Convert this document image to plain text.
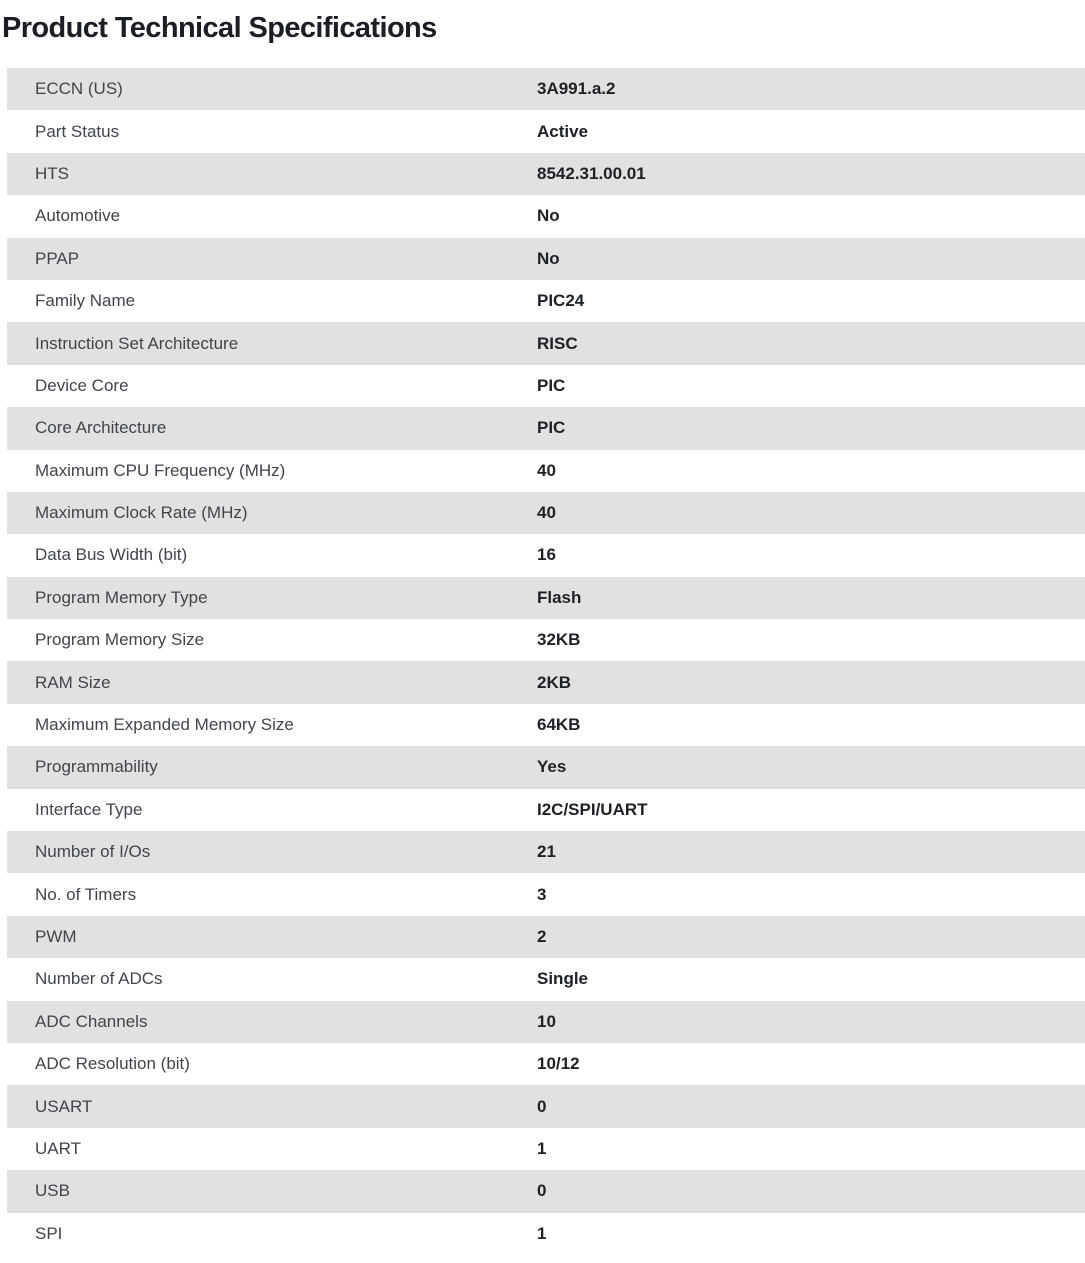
Product Technical Specifications
ECCN (US)	3A991.a.2
Part Status	Active
HTS	8542.31.00.01
Automotive	No
PPAP	No
Family Name	PIC24
Instruction Set Architecture	RISC
Device Core	PIC
Core Architecture	PIC
Maximum CPU Frequency (MHz)	40
Maximum Clock Rate (MHz)	40
Data Bus Width (bit)	16
Program Memory Type	Flash
Program Memory Size	32KB
RAM Size	2KB
Maximum Expanded Memory Size	64KB
Programmability	Yes
Interface Type	I2C/SPI/UART
Number of I/Os	21
No. of Timers	3
PWM	2
Number of ADCs	Single
ADC Channels	10
ADC Resolution (bit)	10/12
USART	0
UART	1
USB	0
SPI	1
